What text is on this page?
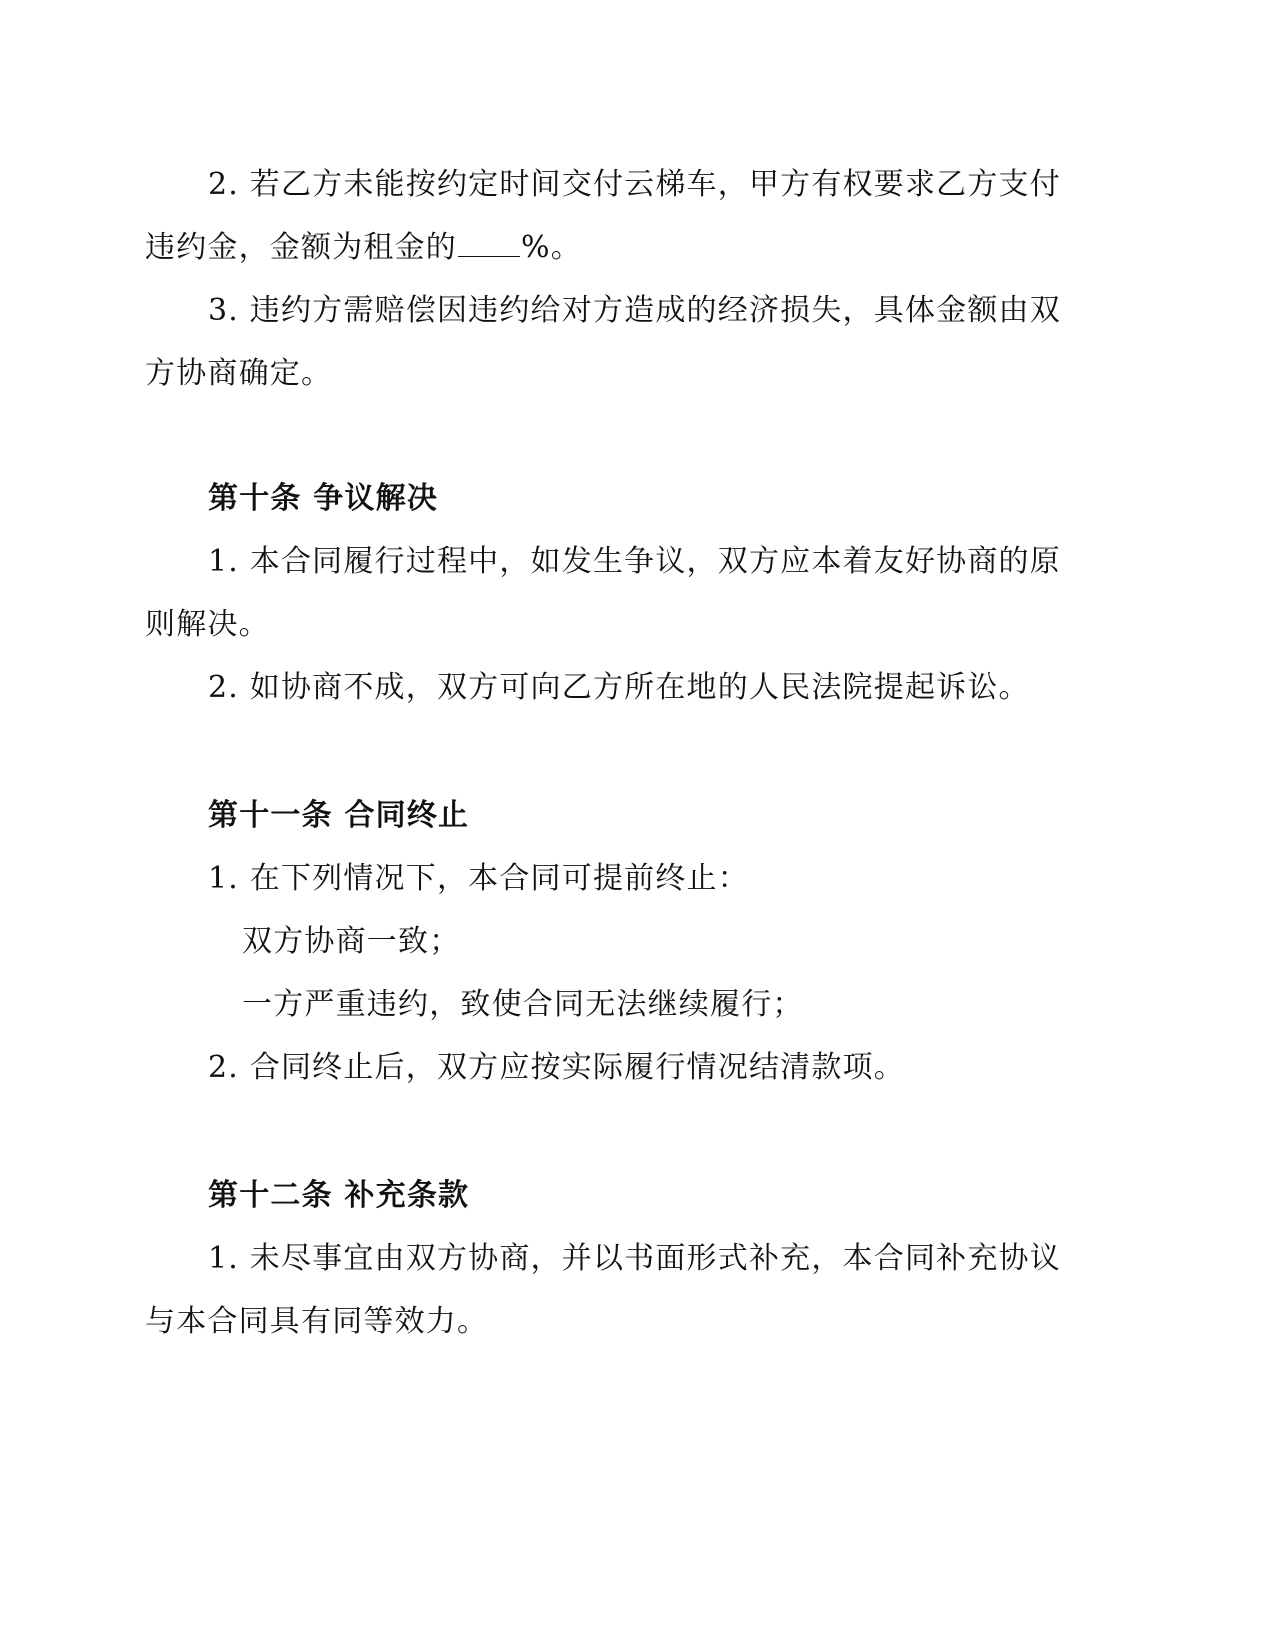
2. 若乙方未能按约定时间交付云梯车，甲方有权要求乙方支付
违约金，金额为租金的 %。
3. 违约方需赔偿因违约给对方造成的经济损失，具体金额由双
方协商确定。
第十条 争议解决
1. 本合同履行过程中，如发生争议，双方应本着友好协商的原
则解决。
2. 如协商不成，双方可向乙方所在地的人民法院提起诉讼。
第十一条 合同终止
1. 在下列情况下，本合同可提前终止：
双方协商一致；
一方严重违约，致使合同无法继续履行；
2. 合同终止后，双方应按实际履行情况结清款项。
第十二条 补充条款
1. 未尽事宜由双方协商，并以书面形式补充，本合同补充协议
与本合同具有同等效力。
